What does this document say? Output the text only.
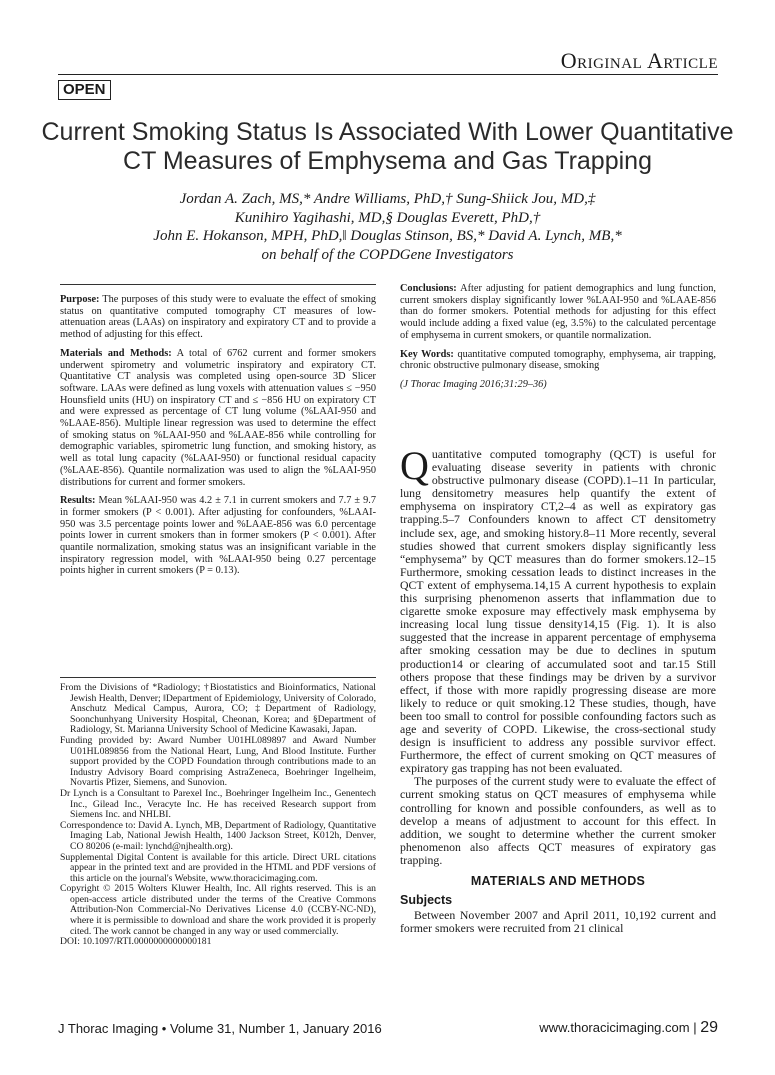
Original Article
OPEN
Current Smoking Status Is Associated With Lower Quantitative CT Measures of Emphysema and Gas Trapping
Jordan A. Zach, MS,* Andre Williams, PhD,† Sung-Shiick Jou, MD,‡
Kunihiro Yagihashi, MD,§ Douglas Everett, PhD,†
John E. Hokanson, MPH, PhD,‖ Douglas Stinson, BS,* David A. Lynch, MB,*
on behalf of the COPDGene Investigators

Purpose: The purposes of this study were to evaluate the effect of smoking status on quantitative computed tomography CT measures of low-attenuation areas (LAAs) on inspiratory and expiratory CT and to provide a method of adjusting for this effect.

Materials and Methods: A total of 6762 current and former smokers underwent spirometry and volumetric inspiratory and expiratory CT. Quantitative CT analysis was completed using open-source 3D Slicer software. LAAs were defined as lung voxels with attenuation values ≤ −950 Hounsfield units (HU) on inspiratory CT and ≤ −856 HU on expiratory CT and were expressed as percentage of CT lung volume (%LAAI-950 and %LAAE-856). Multiple linear regression was used to determine the effect of smoking status on %LAAI-950 and %LAAE-856 while controlling for demographic variables, spirometric lung function, and smoking history, as well as total lung capacity (%LAAI-950) or functional residual capacity (%LAAE-856). Quantile normalization was used to align the %LAAI-950 distributions for current and former smokers.

Results: Mean %LAAI-950 was 4.2 ± 7.1 in current smokers and 7.7 ± 9.7 in former smokers (P < 0.001). After adjusting for confounders, %LAAI-950 was 3.5 percentage points lower and %LAAE-856 was 6.0 percentage points lower in current smokers than in former smokers (P < 0.001). After quantile normalization, smoking status was an insignificant variable in the inspiratory regression model, with %LAAI-950 being 0.27 percentage points higher in current smokers (P = 0.13).

From the Divisions of *Radiology; †Biostatistics and Bioinformatics, National Jewish Health, Denver; ‖Department of Epidemiology, University of Colorado, Anschutz Medical Campus, Aurora, CO; ‡Department of Radiology, Soonchunhyang University Hospital, Cheonan, Korea; and §Department of Radiology, St. Marianna University School of Medicine Kawasaki, Japan.

Funding provided by: Award Number U01HL089897 and Award Number U01HL089856 from the National Heart, Lung, And Blood Institute. Further support provided by the COPD Foundation through contributions made to an Industry Advisory Board comprising AstraZeneca, Boehringer Ingelheim, Novartis Pfizer, Siemens, and Sunovion.

Dr Lynch is a Consultant to Parexel Inc., Boehringer Ingelheim Inc., Genentech Inc., Gilead Inc., Veracyte Inc. He has received Research support from Siemens Inc. and NHLBI.

Correspondence to: David A. Lynch, MB, Department of Radiology, Quantitative Imaging Lab, National Jewish Health, 1400 Jackson Street, K012h, Denver, CO 80206 (e-mail: lynchd@njhealth.org).

Supplemental Digital Content is available for this article. Direct URL citations appear in the printed text and are provided in the HTML and PDF versions of this article on the journal's Website, www.thoracicimaging.com.

Copyright © 2015 Wolters Kluwer Health, Inc. All rights reserved. This is an open-access article distributed under the terms of the Creative Commons Attribution-Non Commercial-No Derivatives License 4.0 (CCBY-NC-ND), where it is permissible to download and share the work provided it is properly cited. The work cannot be changed in any way or used commercially.

DOI: 10.1097/RTI.0000000000000181

Conclusions: After adjusting for patient demographics and lung function, current smokers display significantly lower %LAAI-950 and %LAAE-856 than do former smokers. Potential methods for adjusting for this effect would include adding a fixed value (eg, 3.5%) to the calculated percentage of emphysema in current smokers, or quantile normalization.

Key Words: quantitative computed tomography, emphysema, air trapping, chronic obstructive pulmonary disease, smoking

(J Thorac Imaging 2016;31:29–36)

Quantitative computed tomography (QCT) is useful for evaluating disease severity in patients with chronic obstructive pulmonary disease (COPD).1–11 In particular, lung densitometry measures help quantify the extent of emphysema on inspiratory CT,2–4 as well as expiratory gas trapping.5–7 Confounders known to affect CT densitometry include sex, age, and smoking history.8–11 More recently, several studies showed that current smokers display significantly less “emphysema” by QCT measures than do former smokers.12–15 Furthermore, smoking cessation leads to distinct increases in the QCT extent of emphysema.14,15 A current hypothesis to explain this surprising phenomenon asserts that inflammation due to cigarette smoke exposure may effectively mask emphysema by increasing local lung tissue density14,15 (Fig. 1). It is also suggested that the increase in apparent percentage of emphysema after smoking cessation may be due to declines in sputum production14 or clearing of accumulated soot and tar.15 Still others propose that these findings may be driven by a survivor effect, if those with more rapidly progressing disease are more likely to reduce or quit smoking.12 These studies, though, have been too small to control for possible confounding factors such as age and severity of COPD. Likewise, the cross-sectional study design is insufficient to address any possible survivor effect. Furthermore, the effect of current smoking on QCT measures of expiratory gas trapping has not been evaluated.

The purposes of the current study were to evaluate the effect of current smoking status on QCT measures of emphysema while controlling for known and possible confounders, as well as to develop a means of adjustment to account for this effect. In addition, we sought to determine whether the current smoker phenomenon also affects QCT measures of expiratory gas trapping.

MATERIALS AND METHODS
Subjects

Between November 2007 and April 2011, 10,192 current and former smokers were recruited from 21 clinical

J Thorac Imaging • Volume 31, Number 1, January 2016	www.thoracicimaging.com | 29
